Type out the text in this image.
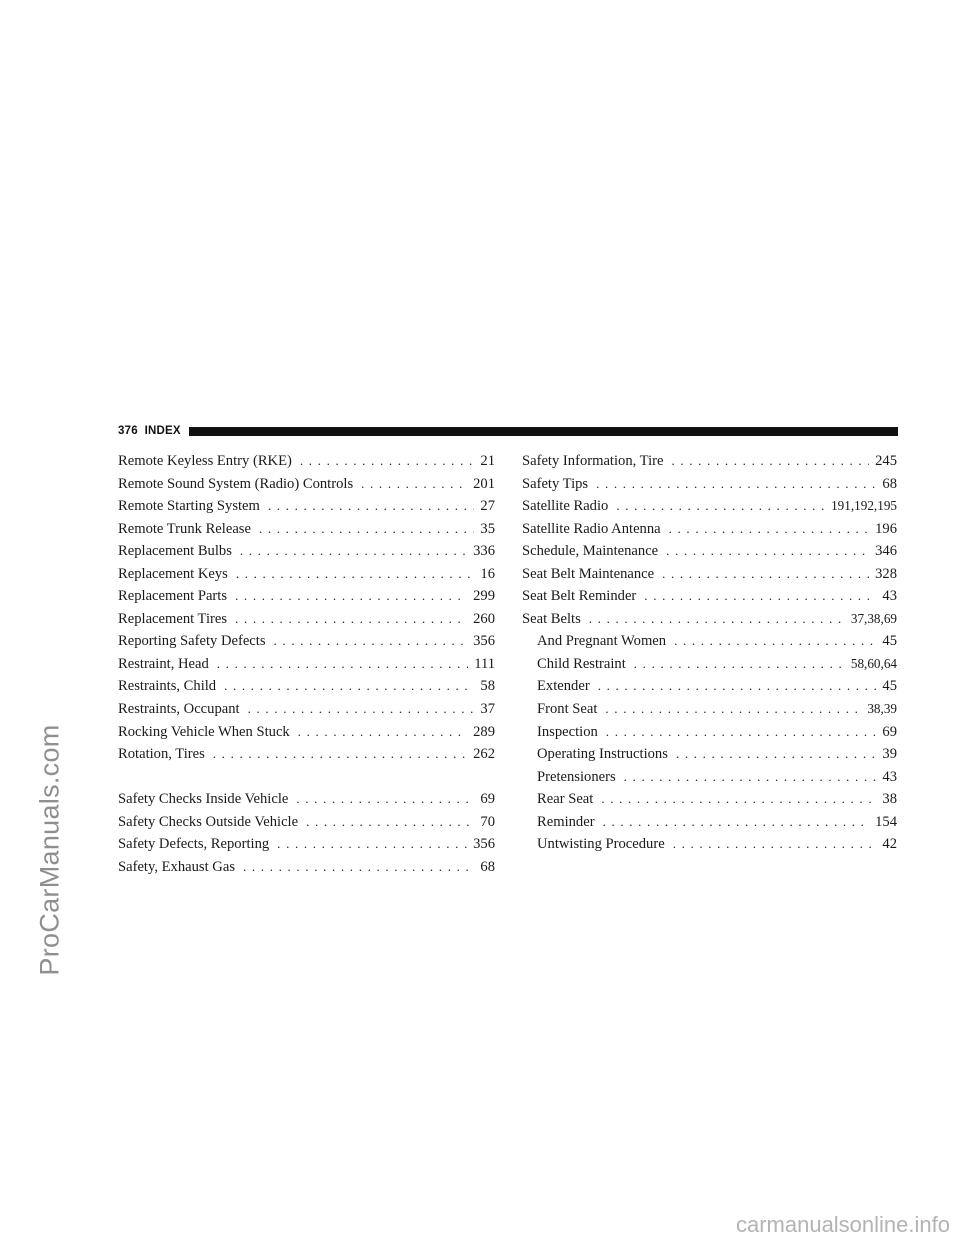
376 INDEX
Remote Keyless Entry (RKE) . . .	21
Remote Sound System (Radio) Controls . . .	201
Remote Starting System . . .	27
Remote Trunk Release . . .	35
Replacement Bulbs . . .	336
Replacement Keys . . .	16
Replacement Parts . . .	299
Replacement Tires . . .	260
Reporting Safety Defects . . .	356
Restraint, Head . . .	111
Restraints, Child . . .	58
Restraints, Occupant . . .	37
Rocking Vehicle When Stuck . . .	289
Rotation, Tires . . .	262
Safety Checks Inside Vehicle . . .	69
Safety Checks Outside Vehicle . . .	70
Safety Defects, Reporting . . .	356
Safety, Exhaust Gas . . .	68
Safety Information, Tire . . .	245
Safety Tips . . .	68
Satellite Radio . . .	191,192,195
Satellite Radio Antenna . . .	196
Schedule, Maintenance . . .	346
Seat Belt Maintenance . . .	328
Seat Belt Reminder . . .	43
Seat Belts . . .	37,38,69
And Pregnant Women . . .	45
Child Restraint . . .	58,60,64
Extender . . .	45
Front Seat . . .	38,39
Inspection . . .	69
Operating Instructions . . .	39
Pretensioners . . .	43
Rear Seat . . .	38
Reminder . . .	154
Untwisting Procedure . . .	42
ProCarManuals.com
carmanualsonline.info
